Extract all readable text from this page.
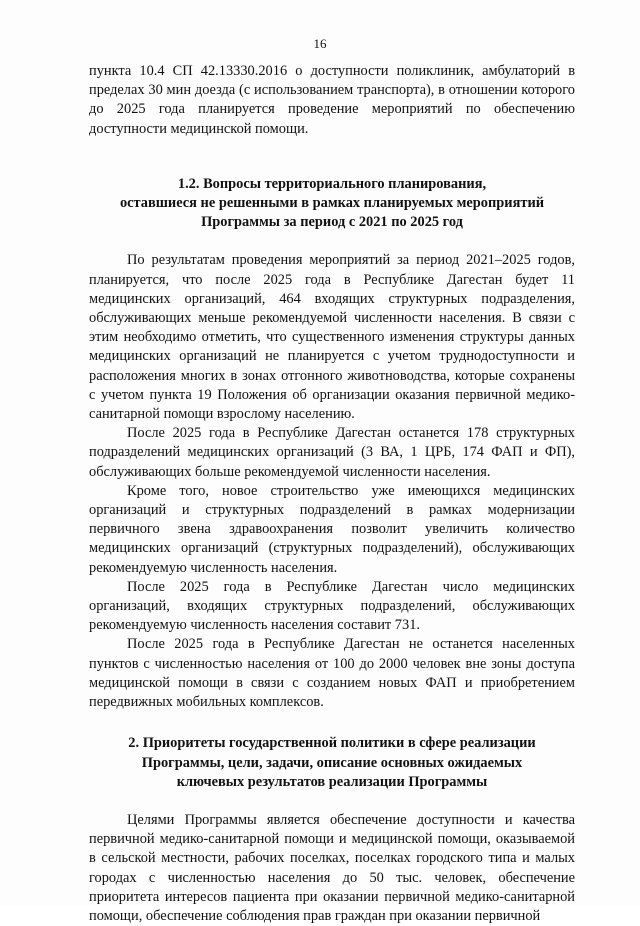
16

пункта 10.4 СП 42.13330.2016 о доступности поликлиник, амбулаторий в пределах 30 мин доезда (с использованием транспорта), в отношении которого до 2025 года планируется проведение мероприятий по обеспечению доступности медицинской помощи.

1.2. Вопросы территориального планирования,
оставшиеся не решенными в рамках планируемых мероприятий
Программы за период с 2021 по 2025 год

По результатам проведения мероприятий за период 2021–2025 годов, планируется, что после 2025 года в Республике Дагестан будет 11 медицинских организаций, 464 входящих структурных подразделения, обслуживающих меньше рекомендуемой численности населения. В связи с этим необходимо отметить, что существенного изменения структуры данных медицинских организаций не планируется с учетом труднодоступности и расположения многих в зонах отгонного животноводства, которые сохранены с учетом пункта 19 Положения об организации оказания первичной медико-санитарной помощи взрослому населению.

После 2025 года в Республике Дагестан останется 178 структурных подразделений медицинских организаций (3 ВА, 1 ЦРБ, 174 ФАП и ФП), обслуживающих больше рекомендуемой численности населения.

Кроме того, новое строительство уже имеющихся медицинских организаций и структурных подразделений в рамках модернизации первичного звена здравоохранения позволит увеличить количество медицинских организаций (структурных подразделений), обслуживающих рекомендуемую численность населения.

После 2025 года в Республике Дагестан число медицинских организаций, входящих структурных подразделений, обслуживающих рекомендуемую численность населения составит 731.

После 2025 года в Республике Дагестан не останется населенных пунктов с численностью населения от 100 до 2000 человек вне зоны доступа медицинской помощи в связи с созданием новых ФАП и приобретением передвижных мобильных комплексов.

2. Приоритеты государственной политики в сфере реализации
Программы, цели, задачи, описание основных ожидаемых
ключевых результатов реализации Программы

Целями Программы является обеспечение доступности и качества первичной медико-санитарной помощи и медицинской помощи, оказываемой в сельской местности, рабочих поселках, поселках городского типа и малых городах с численностью населения до 50 тыс. человек, обеспечение приоритета интересов пациента при оказании первичной медико-санитарной помощи, обеспечение соблюдения прав граждан при оказании первичной
